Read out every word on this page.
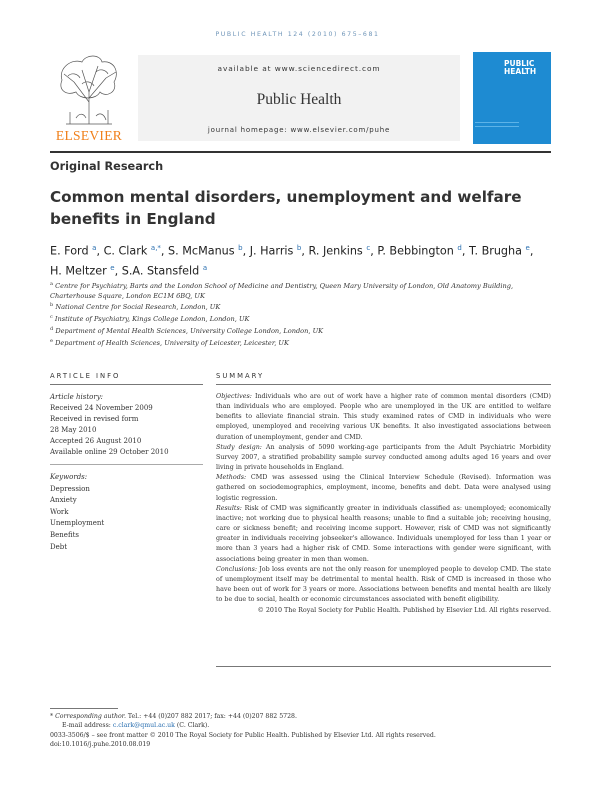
PUBLIC HEALTH 124 (2010) 675–681
ELSEVIER
available at www.sciencedirect.com
Public Health
journal homepage: www.elsevier.com/puhe
PUBLIC
HEALTH
Original Research
Common mental disorders, unemployment and welfare benefits in England
E. Ford $^a$, C. Clark $^{a,*}$, S. McManus $^b$, J. Harris $^b$, R. Jenkins $^c$, P. Bebbington $^d$, T. Brugha $^e$,
H. Meltzer $^e$, S.A. Stansfeld $^a$
$^a$ Centre for Psychiatry, Barts and the London School of Medicine and Dentistry, Queen Mary University of London, Old Anatomy Building, Charterhouse Square, London EC1M 6BQ, UK
$^b$ National Centre for Social Research, London, UK
$^c$ Institute of Psychiatry, Kings College London, London, UK
$^d$ Department of Mental Health Sciences, University College London, London, UK
$^e$ Department of Health Sciences, University of Leicester, Leicester, UK
ARTICLE INFO	SUMMARY
Article history:
Received 24 November 2009
Received in revised form
28 May 2010
Accepted 26 August 2010
Available online 29 October 2010
Keywords:
Depression
Anxiety
Work
Unemployment
Benefits
Debt

Objectives: Individuals who are out of work have a higher rate of common mental disorders (CMD) than individuals who are employed. People who are unemployed in the UK are entitled to welfare benefits to alleviate financial strain. This study examined rates of CMD in individuals who were employed, unemployed and receiving various UK benefits. It also investigated associations between duration of unemployment, gender and CMD.

Study design: An analysis of 5090 working-age participants from the Adult Psychiatric Morbidity Survey 2007, a stratified probability sample survey conducted among adults aged 16 years and over living in private households in England.

Methods: CMD was assessed using the Clinical Interview Schedule (Revised). Information was gathered on sociodemographics, employment, income, benefits and debt. Data were analysed using logistic regression.

Results: Risk of CMD was significantly greater in individuals classified as: unemployed; economically inactive; not working due to physical health reasons; unable to find a suitable job; receiving housing, care or sickness benefit; and receiving income support. However, risk of CMD was not significantly greater in individuals receiving jobseeker's allowance. Individuals unemployed for less than 1 year or more than 3 years had a higher risk of CMD. Some interactions with gender were significant, with associations being greater in men than women.

Conclusions: Job loss events are not the only reason for unemployed people to develop CMD. The state of unemployment itself may be detrimental to mental health. Risk of CMD is increased in those who have been out of work for 3 years or more. Associations between benefits and mental health are likely to be due to social, health or economic circumstances associated with benefit eligibility.

© 2010 The Royal Society for Public Health. Published by Elsevier Ltd. All rights reserved.

* Corresponding author. Tel.: +44 (0)207 882 2017; fax: +44 (0)207 882 5728.
E-mail address: c.clark@qmul.ac.uk (C. Clark).
0033-3506/$ – see front matter © 2010 The Royal Society for Public Health. Published by Elsevier Ltd. All rights reserved.
doi:10.1016/j.puhe.2010.08.019
